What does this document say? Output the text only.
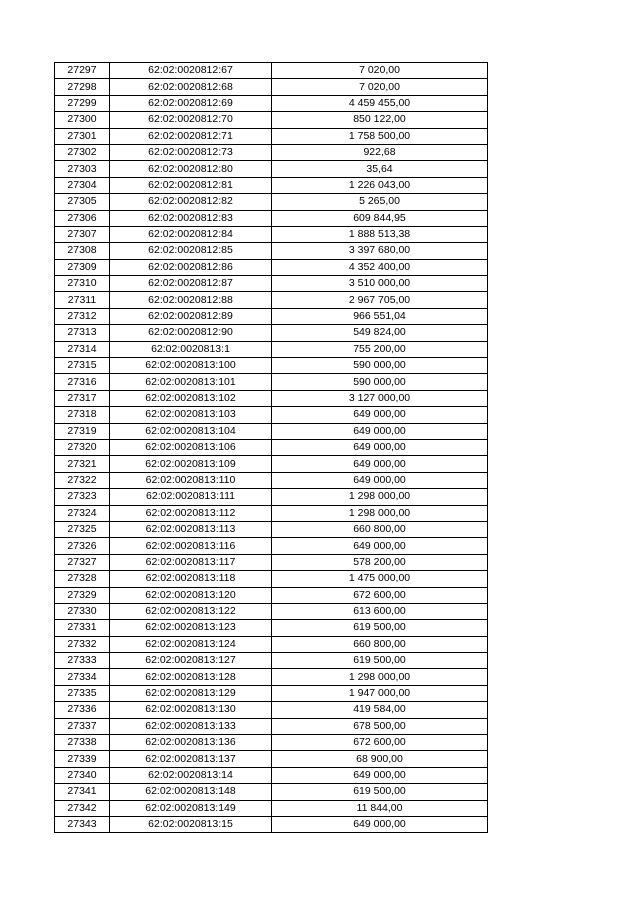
27297	62:02:0020812:67	7 020,00
27298	62:02:0020812:68	7 020,00
27299	62:02:0020812:69	4 459 455,00
27300	62:02:0020812:70	850 122,00
27301	62:02:0020812:71	1 758 500,00
27302	62:02:0020812:73	922,68
27303	62:02:0020812:80	35,64
27304	62:02:0020812:81	1 226 043,00
27305	62:02:0020812:82	5 265,00
27306	62:02:0020812:83	609 844,95
27307	62:02:0020812:84	1 888 513,38
27308	62:02:0020812:85	3 397 680,00
27309	62:02:0020812:86	4 352 400,00
27310	62:02:0020812:87	3 510 000,00
27311	62:02:0020812:88	2 967 705,00
27312	62:02:0020812:89	966 551,04
27313	62:02:0020812:90	549 824,00
27314	62:02:0020813:1	755 200,00
27315	62:02:0020813:100	590 000,00
27316	62:02:0020813:101	590 000,00
27317	62:02:0020813:102	3 127 000,00
27318	62:02:0020813:103	649 000,00
27319	62:02:0020813:104	649 000,00
27320	62:02:0020813:106	649 000,00
27321	62:02:0020813:109	649 000,00
27322	62:02:0020813:110	649 000,00
27323	62:02:0020813:111	1 298 000,00
27324	62:02:0020813:112	1 298 000,00
27325	62:02:0020813:113	660 800,00
27326	62:02:0020813:116	649 000,00
27327	62:02:0020813:117	578 200,00
27328	62:02:0020813:118	1 475 000,00
27329	62:02:0020813:120	672 600,00
27330	62:02:0020813:122	613 600,00
27331	62:02:0020813:123	619 500,00
27332	62:02:0020813:124	660 800,00
27333	62:02:0020813:127	619 500,00
27334	62:02:0020813:128	1 298 000,00
27335	62:02:0020813:129	1 947 000,00
27336	62:02:0020813:130	419 584,00
27337	62:02:0020813:133	678 500,00
27338	62:02:0020813:136	672 600,00
27339	62:02:0020813:137	68 900,00
27340	62:02:0020813:14	649 000,00
27341	62:02:0020813:148	619 500,00
27342	62:02:0020813:149	11 844,00
27343	62:02:0020813:15	649 000,00
